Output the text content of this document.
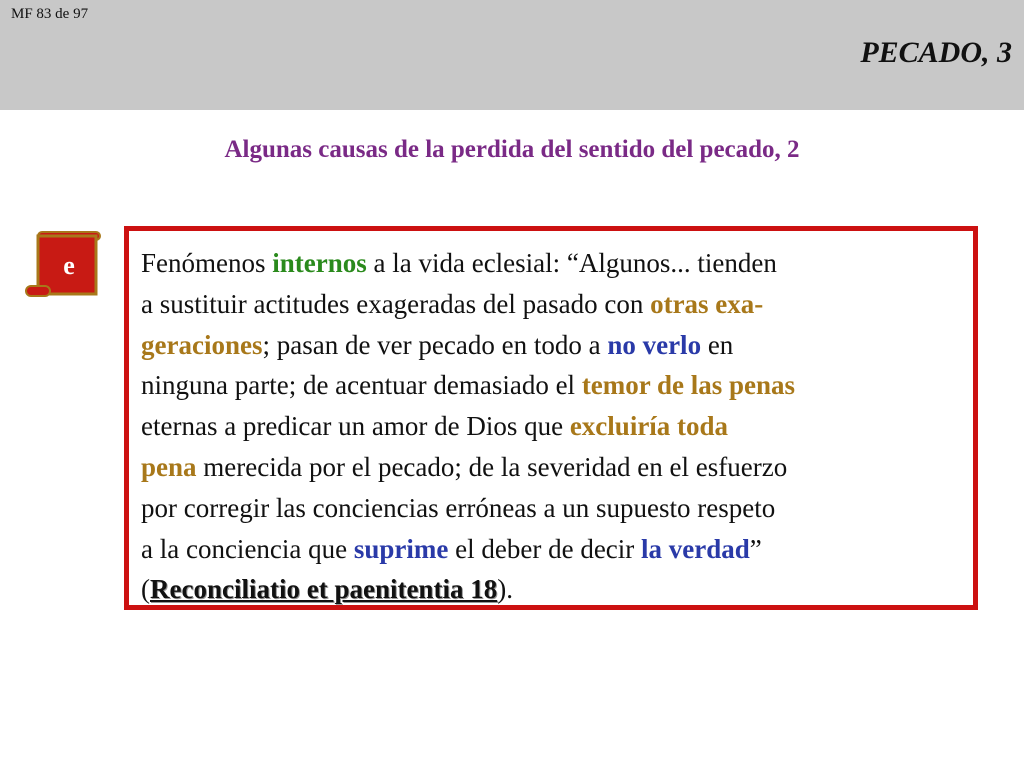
MF 83 de 97
PECADO, 3
Algunas causas de la perdida del sentido del pecado, 2
e	Fenómenos internos a la vida eclesial: “Algunos... tienden
a sustituir actitudes exageradas del pasado con otras exa-
geraciones; pasan de ver pecado en todo a no verlo en
ninguna parte; de acentuar demasiado el temor de las penas
eternas a predicar un amor de Dios que excluiría toda
pena merecida por el pecado; de la severidad en el esfuerzo
por corregir las conciencias erróneas a un supuesto respeto
a la conciencia que suprime el deber de decir la verdad”
(Reconciliatio et paenitentia 18).
